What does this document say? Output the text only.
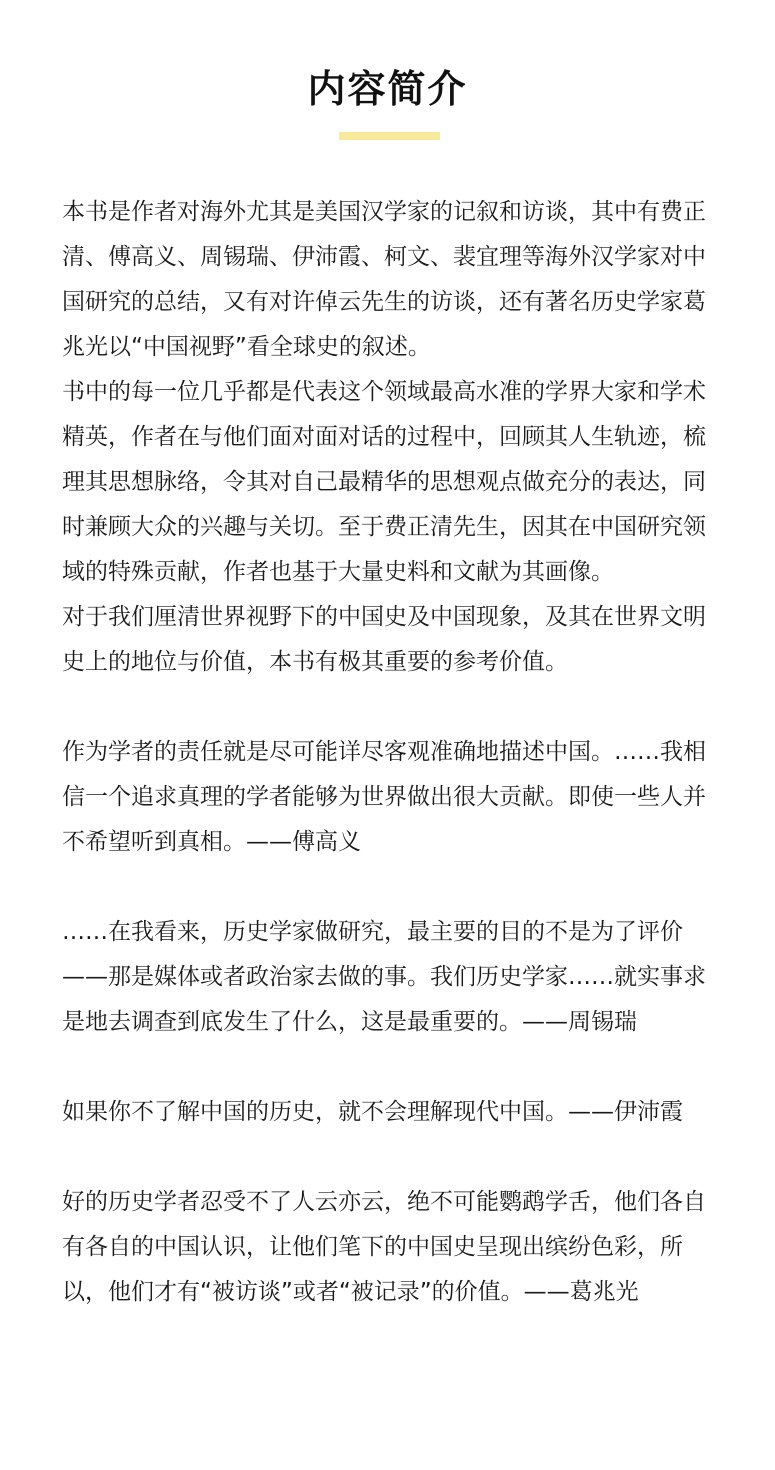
内容简介

本书是作者对海外尤其是美国汉学家的记叙和访谈，其中有费正清、傅高义、周锡瑞、伊沛霞、柯文、裴宜理等海外汉学家对中国研究的总结，又有对许倬云先生的访谈，还有著名历史学家葛兆光以“中国视野”看全球史的叙述。

书中的每一位几乎都是代表这个领域最高水准的学界大家和学术精英，作者在与他们面对面对话的过程中，回顾其人生轨迹，梳理其思想脉络，令其对自己最精华的思想观点做充分的表达，同时兼顾大众的兴趣与关切。至于费正清先生，因其在中国研究领域的特殊贡献，作者也基于大量史料和文献为其画像。

对于我们厘清世界视野下的中国史及中国现象，及其在世界文明史上的地位与价值，本书有极其重要的参考价值。

作为学者的责任就是尽可能详尽客观准确地描述中国。……我相信一个追求真理的学者能够为世界做出很大贡献。即使一些人并不希望听到真相。——傅高义

……在我看来，历史学家做研究，最主要的目的不是为了评价——那是媒体或者政治家去做的事。我们历史学家……就实事求是地去调查到底发生了什么，这是最重要的。——周锡瑞

如果你不了解中国的历史，就不会理解现代中国。——伊沛霞

好的历史学者忍受不了人云亦云，绝不可能鹦鹉学舌，他们各自有各自的中国认识，让他们笔下的中国史呈现出缤纷色彩，所以，他们才有“被访谈”或者“被记录”的价值。——葛兆光
